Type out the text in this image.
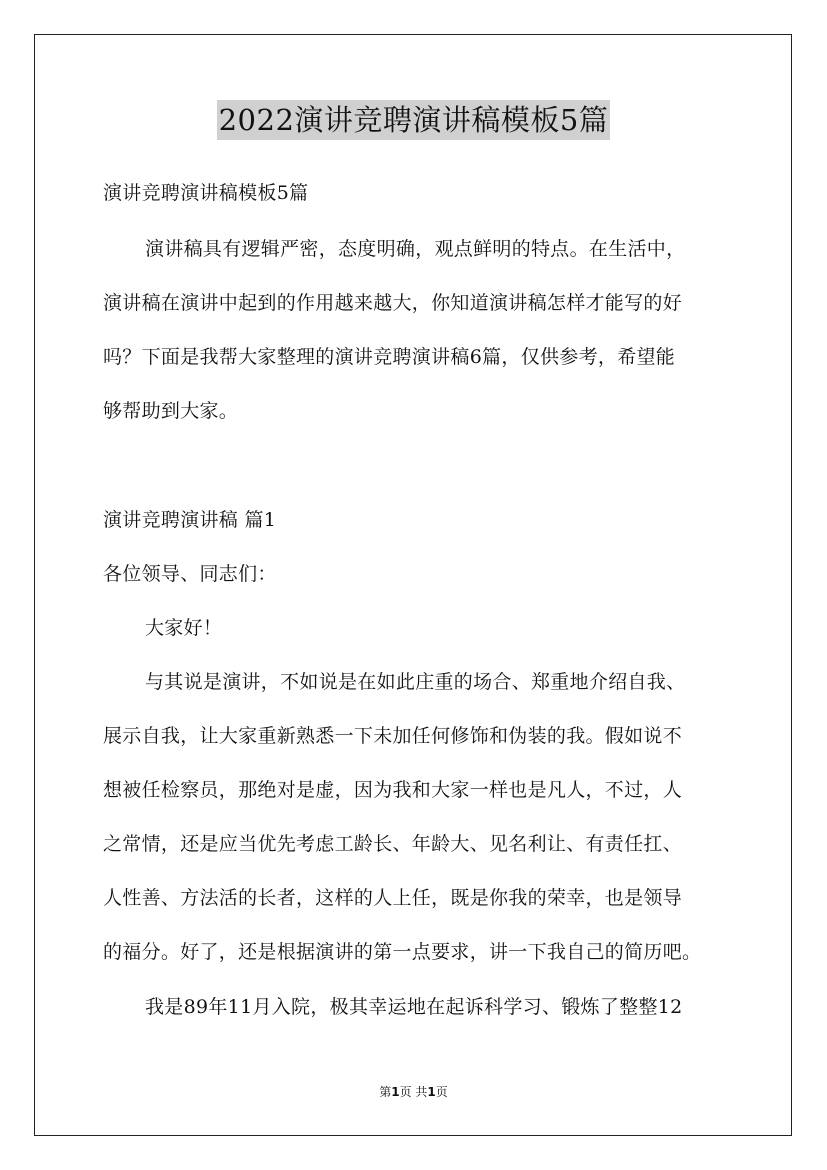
2022演讲竞聘演讲稿模板5篇
演讲竞聘演讲稿模板5篇
演讲稿具有逻辑严密，态度明确，观点鲜明的特点。在生活中，
演讲稿在演讲中起到的作用越来越大，你知道演讲稿怎样才能写的好
吗？下面是我帮大家整理的演讲竞聘演讲稿6篇，仅供参考，希望能
够帮助到大家。
演讲竞聘演讲稿 篇1
各位领导、同志们：
大家好！
与其说是演讲，不如说是在如此庄重的场合、郑重地介绍自我、
展示自我，让大家重新熟悉一下未加任何修饰和伪装的我。假如说不
想被任检察员，那绝对是虚，因为我和大家一样也是凡人，不过，人
之常情，还是应当优先考虑工龄长、年龄大、见名利让、有责任扛、
人性善、方法活的长者，这样的人上任，既是你我的荣幸，也是领导
的福分。好了，还是根据演讲的第一点要求，讲一下我自己的简历吧。
我是89年11月入院，极其幸运地在起诉科学习、锻炼了整整12
第1页 共1页
